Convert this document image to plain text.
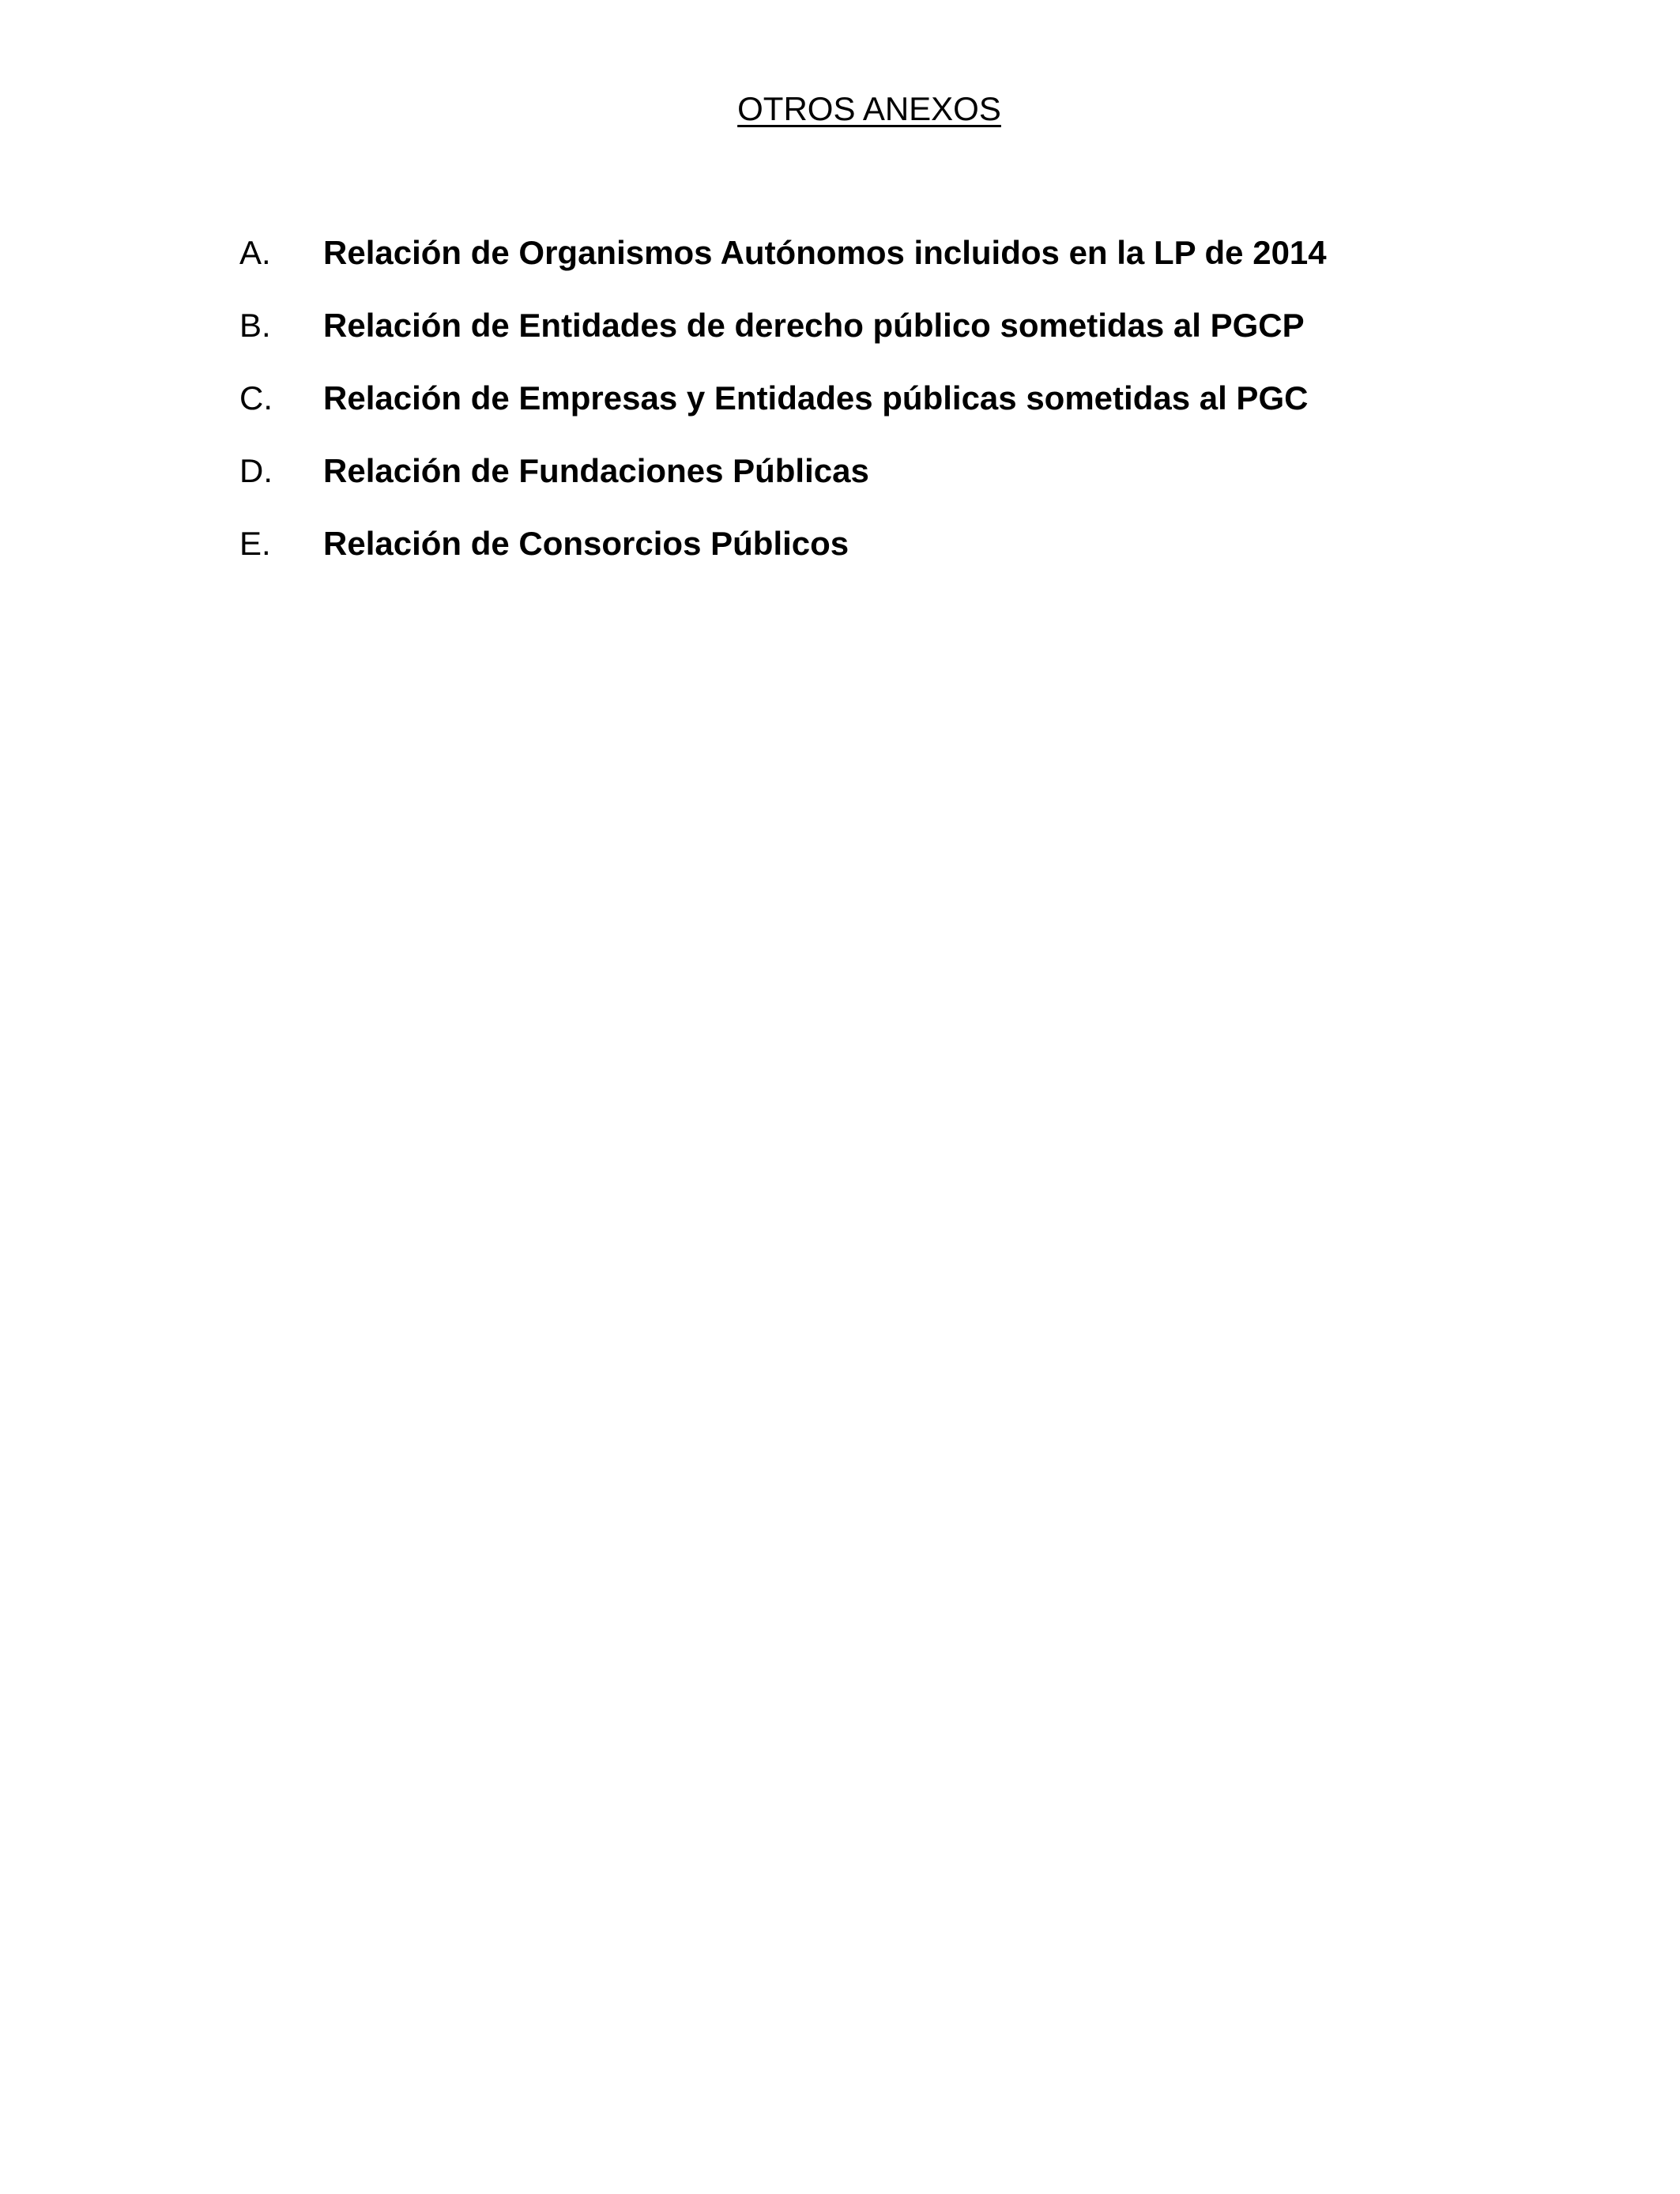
OTROS ANEXOS
A.	Relación de Organismos Autónomos incluidos en la LP de 2014
B.	Relación de Entidades de derecho público sometidas al PGCP
C.	Relación de Empresas y Entidades públicas sometidas al PGC
D.	Relación de Fundaciones Públicas
E.	Relación de Consorcios Públicos
